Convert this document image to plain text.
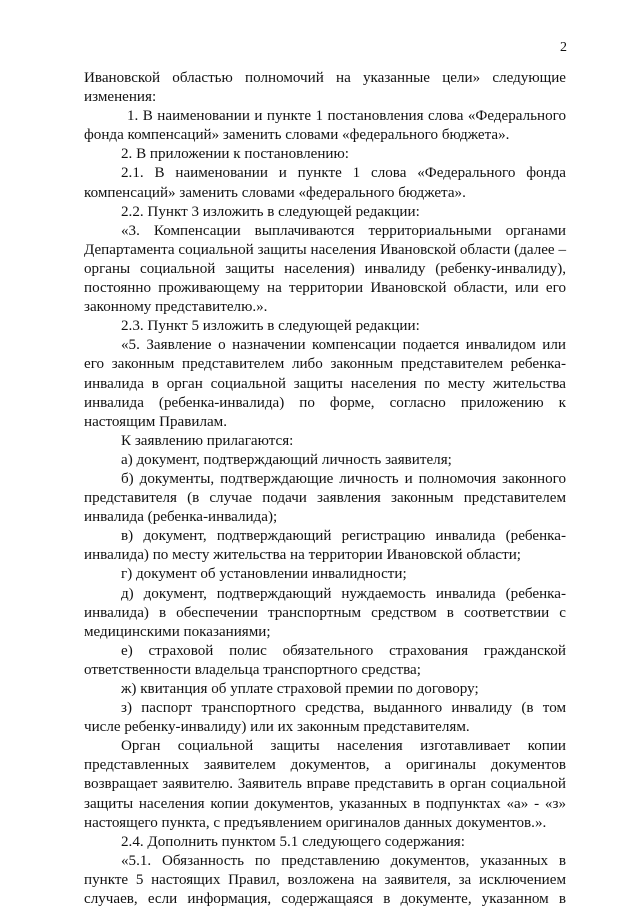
2

Ивановской областью полномочий на указанные цели» следующие изменения:

1. В наименовании и пункте 1 постановления слова «Федерального фонда компенсаций» заменить словами «федерального бюджета».

2. В приложении к постановлению:

2.1. В наименовании и пункте 1 слова «Федерального фонда компенсаций» заменить словами «федерального бюджета».

2.2. Пункт 3 изложить в следующей редакции:

«3. Компенсации выплачиваются территориальными органами Департамента социальной защиты населения Ивановской области (далее – органы социальной защиты населения) инвалиду (ребенку-инвалиду), постоянно проживающему на территории Ивановской области, или его законному представителю.».

2.3. Пункт 5 изложить в следующей редакции:

«5. Заявление о назначении компенсации подается инвалидом или его законным представителем либо законным представителем ребенка-инвалида в орган социальной защиты населения по месту жительства инвалида (ребенка-инвалида) по форме, согласно приложению к настоящим Правилам.

К заявлению прилагаются:

а) документ, подтверждающий личность заявителя;

б) документы, подтверждающие личность и полномочия законного представителя (в случае подачи заявления законным представителем инвалида (ребенка-инвалида);

в) документ, подтверждающий регистрацию инвалида (ребенка-инвалида) по месту жительства на территории Ивановской области;

г) документ об установлении инвалидности;

д) документ, подтверждающий нуждаемость инвалида (ребенка-инвалида) в обеспечении транспортным средством в соответствии с медицинскими показаниями;

е) страховой полис обязательного страхования гражданской ответственности владельца транспортного средства;

ж) квитанция об уплате страховой премии по договору;

з) паспорт транспортного средства, выданного инвалиду (в том числе ребенку-инвалиду) или их законным представителям.

Орган социальной защиты населения изготавливает копии представленных заявителем документов, а оригиналы документов возвращает заявителю. Заявитель вправе представить в орган социальной защиты населения копии документов, указанных в подпунктах «а» - «з» настоящего пункта, с предъявлением оригиналов данных документов.».

2.4. Дополнить пунктом 5.1 следующего содержания:

«5.1. Обязанность по представлению документов, указанных в пункте 5 настоящих Правил, возложена на заявителя, за исключением случаев, если информация, содержащаяся в документе, указанном в
